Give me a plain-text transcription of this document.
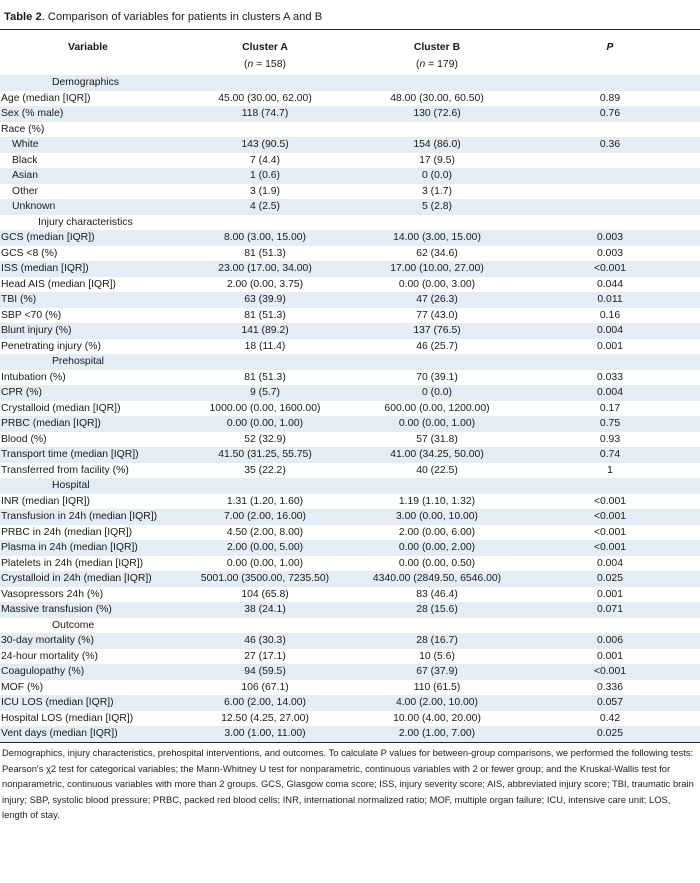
Table 2. Comparison of variables for patients in clusters A and B
Variable	Cluster A	Cluster B	P
(n = 158)	(n = 179)
Demographics
Age (median [IQR])	45.00 (30.00, 62.00)	48.00 (30.00, 60.50)	0.89
Sex (% male)	118 (74.7)	130 (72.6)	0.76
Race (%)
White	143 (90.5)	154 (86.0)	0.36
Black	7 (4.4)	17 (9.5)
Asian	1 (0.6)	0 (0.0)
Other	3 (1.9)	3 (1.7)
Unknown	4 (2.5)	5 (2.8)
Injury characteristics
GCS (median [IQR])	8.00 (3.00, 15.00)	14.00 (3.00, 15.00)	0.003
GCS <8 (%)	81 (51.3)	62 (34.6)	0.003
ISS (median [IQR])	23.00 (17.00, 34.00)	17.00 (10.00, 27.00)	<0.001
Head AIS (median [IQR])	2.00 (0.00, 3.75)	0.00 (0.00, 3.00)	0.044
TBI (%)	63 (39.9)	47 (26.3)	0.011
SBP <70 (%)	81 (51.3)	77 (43.0)	0.16
Blunt injury (%)	141 (89.2)	137 (76.5)	0.004
Penetrating injury (%)	18 (11.4)	46 (25.7)	0.001
Prehospital
Intubation (%)	81 (51.3)	70 (39.1)	0.033
CPR (%)	9 (5.7)	0 (0.0)	0.004
Crystalloid (median [IQR])	1000.00 (0.00, 1600.00)	600.00 (0.00, 1200.00)	0.17
PRBC (median [IQR])	0.00 (0.00, 1.00)	0.00 (0.00, 1.00)	0.75
Blood (%)	52 (32.9)	57 (31.8)	0.93
Transport time (median [IQR])	41.50 (31.25, 55.75)	41.00 (34.25, 50.00)	0.74
Transferred from facility (%)	35 (22.2)	40 (22.5)	1
Hospital
INR (median [IQR])	1.31 (1.20, 1.60)	1.19 (1.10, 1.32)	<0.001
Transfusion in 24h (median [IQR])	7.00 (2.00, 16.00)	3.00 (0.00, 10.00)	<0.001
PRBC in 24h (median [IQR])	4.50 (2.00, 8.00)	2.00 (0.00, 6.00)	<0.001
Plasma in 24h (median [IQR])	2.00 (0.00, 5.00)	0.00 (0.00, 2.00)	<0.001
Platelets in 24h (median [IQR])	0.00 (0.00, 1.00)	0.00 (0.00, 0.50)	0.004
Crystalloid in 24h (median [IQR])	5001.00 (3500.00, 7235.50)	4340.00 (2849.50, 6546.00)	0.025
Vasopressors 24h (%)	104 (65.8)	83 (46.4)	0.001
Massive transfusion (%)	38 (24.1)	28 (15.6)	0.071
Outcome
30-day mortality (%)	46 (30.3)	28 (16.7)	0.006
24-hour mortality (%)	27 (17.1)	10 (5.6)	0.001
Coagulopathy (%)	94 (59.5)	67 (37.9)	<0.001
MOF (%)	106 (67.1)	110 (61.5)	0.336
ICU LOS (median [IQR])	6.00 (2.00, 14.00)	4.00 (2.00, 10.00)	0.057
Hospital LOS (median [IQR])	12.50 (4.25, 27.00)	10.00 (4.00, 20.00)	0.42
Vent days (median [IQR])	3.00 (1.00, 11.00)	2.00 (1.00, 7.00)	0.025
Demographics, injury characteristics, prehospital interventions, and outcomes. To calculate P values for between-group comparisons, we performed the following tests: Pearson's χ2 test for categorical variables; the Mann-Whitney U test for nonparametric, continuous variables with 2 or fewer group; and the Kruskal-Wallis test for nonparametric, continuous variables with more than 2 groups. GCS, Glasgow coma score; ISS, injury severity score; AIS, abbreviated injury score; TBI, traumatic brain injury; SBP, systolic blood pressure; PRBC, packed red blood cells; INR, international normalized ratio; MOF, multiple organ failure; ICU, intensive care unit; LOS, length of stay.
